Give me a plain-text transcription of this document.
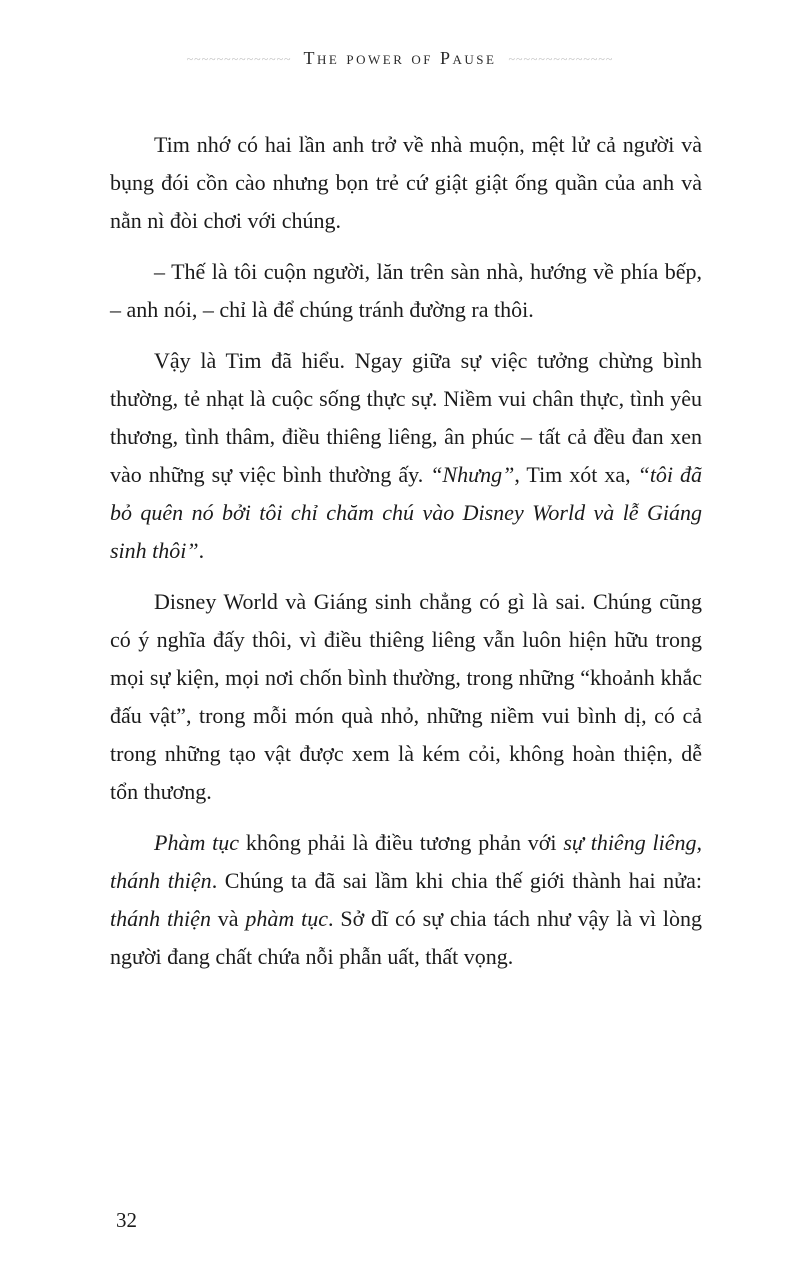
~~~~~~~~~~~~~~ The power of Pause ~~~~~~~~~~~~~~

Tim nhớ có hai lần anh trở về nhà muộn, mệt lử cả người và bụng đói cồn cào nhưng bọn trẻ cứ giật giật ống quần của anh và nằn nì đòi chơi với chúng.

– Thế là tôi cuộn người, lăn trên sàn nhà, hướng về phía bếp, – anh nói, – chỉ là để chúng tránh đường ra thôi.

Vậy là Tim đã hiểu. Ngay giữa sự việc tưởng chừng bình thường, tẻ nhạt là cuộc sống thực sự. Niềm vui chân thực, tình yêu thương, tình thâm, điều thiêng liêng, ân phúc – tất cả đều đan xen vào những sự việc bình thường ấy. “Nhưng”, Tim xót xa, “tôi đã bỏ quên nó bởi tôi chỉ chăm chú vào Disney World và lễ Giáng sinh thôi”.

Disney World và Giáng sinh chẳng có gì là sai. Chúng cũng có ý nghĩa đấy thôi, vì điều thiêng liêng vẫn luôn hiện hữu trong mọi sự kiện, mọi nơi chốn bình thường, trong những “khoảnh khắc đấu vật”, trong mỗi món quà nhỏ, những niềm vui bình dị, có cả trong những tạo vật được xem là kém cỏi, không hoàn thiện, dễ tổn thương.

Phàm tục không phải là điều tương phản với sự thiêng liêng, thánh thiện. Chúng ta đã sai lầm khi chia thế giới thành hai nửa: thánh thiện và phàm tục. Sở dĩ có sự chia tách như vậy là vì lòng người đang chất chứa nỗi phẫn uất, thất vọng.

32
